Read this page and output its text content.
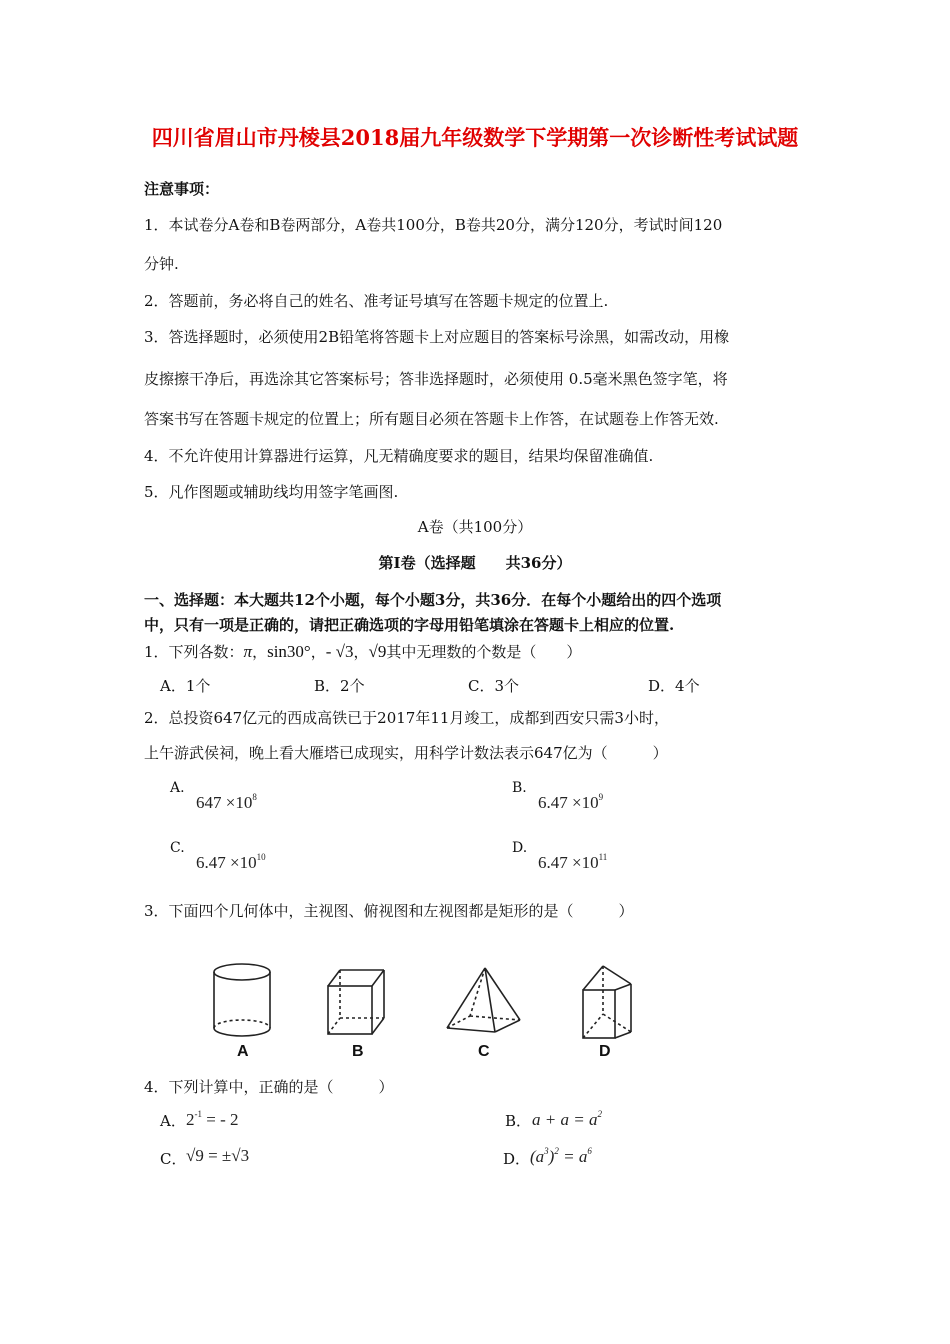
四川省眉山市丹棱县2018届九年级数学下学期第一次诊断性考试试题
注意事项：
1．本试卷分A卷和B卷两部分，A卷共100分，B卷共20分，满分120分，考试时间120
分钟.
2．答题前，务必将自己的姓名、准考证号填写在答题卡规定的位置上.
3．答选择题时，必须使用2B铅笔将答题卡上对应题目的答案标号涂黑，如需改动，用橡
皮擦擦干净后，再选涂其它答案标号；答非选择题时，必须使用 0.5毫米黑色签字笔，将
答案书写在答题卡规定的位置上；所有题目必须在答题卡上作答，在试题卷上作答无效.
4．不允许使用计算器进行运算，凡无精确度要求的题目，结果均保留准确值.
5．凡作图题或辅助线均用签字笔画图.
A卷（共100分）
第Ⅰ卷（选择题　　共36分）
一、选择题：本大题共12个小题，每个小题3分，共36分．在每个小题给出的四个选项
中，只有一项是正确的，请把正确选项的字母用铅笔填涂在答题卡上相应的位置.
1．下列各数：π，sin30°，- √3，√9其中无理数的个数是（　　）
A．1个	B．2个	C．3个	D．4个
2．总投资647亿元的西成高铁已于2017年11月竣工，成都到西安只需3小时，
上午游武侯祠，晚上看大雁塔已成现实，用科学计数法表示647亿为（　　　）
A.
$647 \times 10^8$
B.
$6.47 \times 10^9$
C.
$6.47 \times 10^{10}$
D.
$6.47 \times 10^{11}$
3．下面四个几何体中，主视图、俯视图和左视图都是矩形的是（　　　）
A	B	C	D
4．下列计算中，正确的是（　　　）
A． $2^{-1}$ = - 2	B． $a + a = a^2$
C． √9 = ±√3	D． $(a^3)^2 = a^6$
